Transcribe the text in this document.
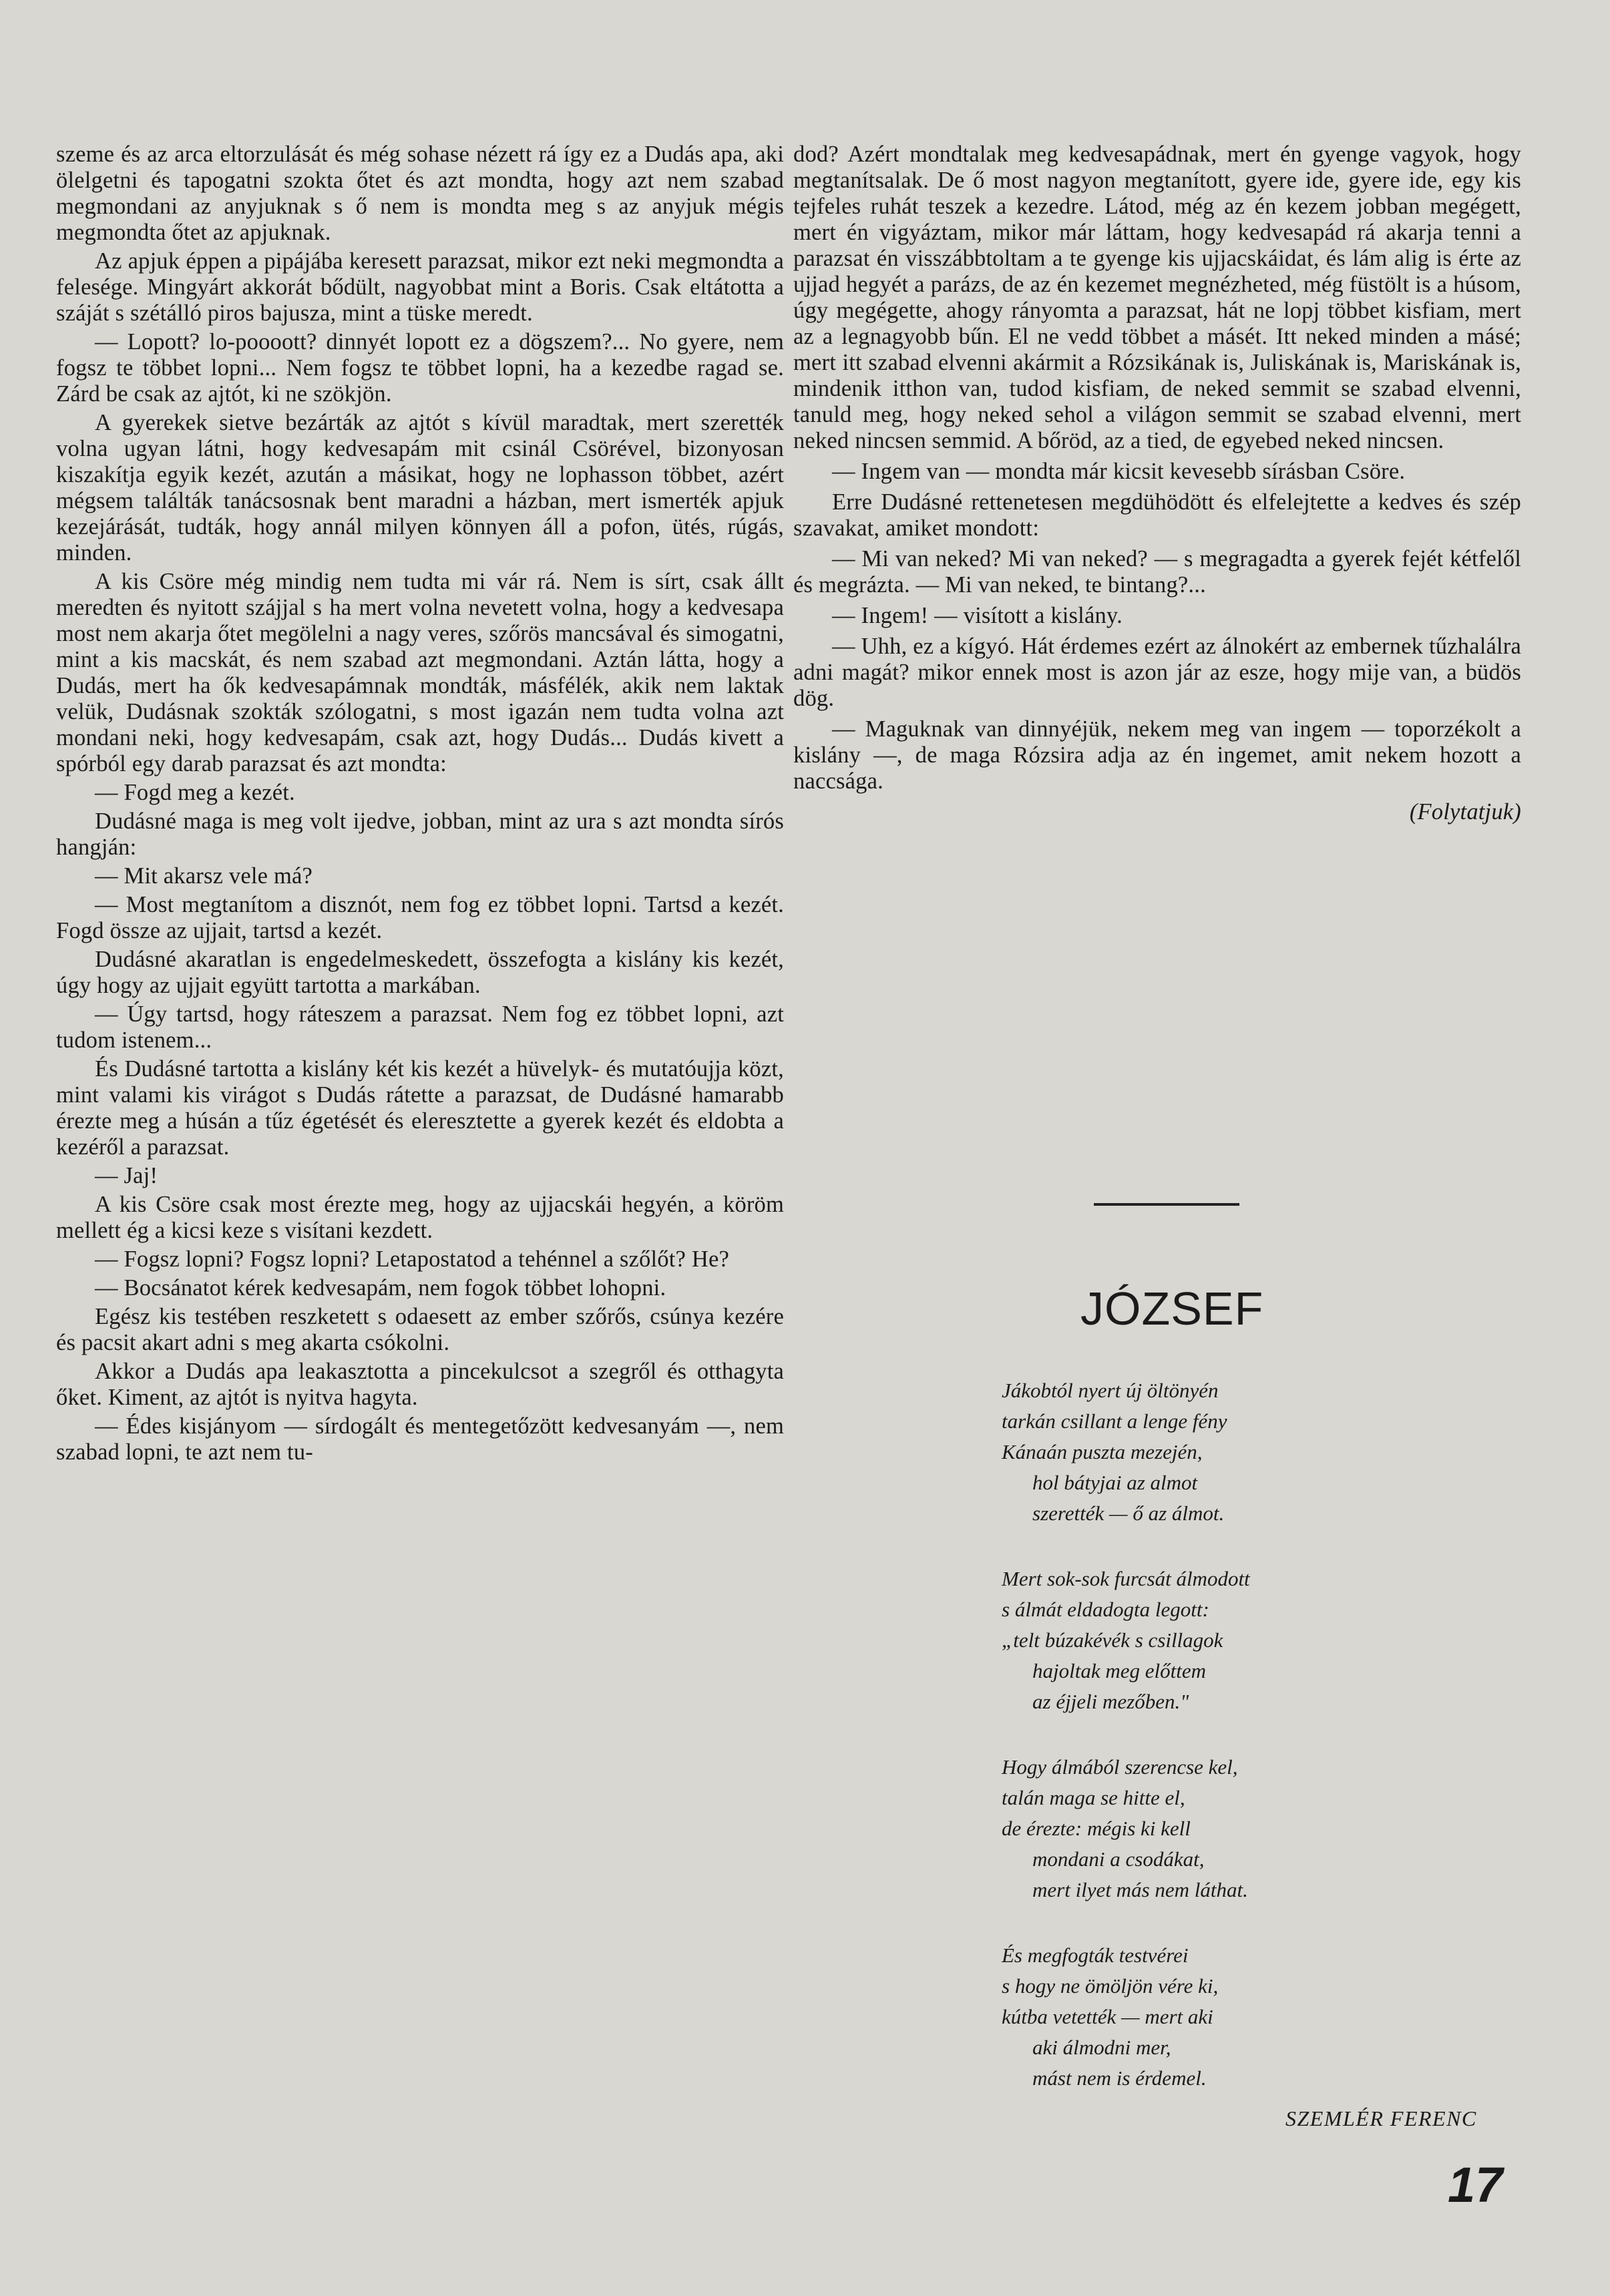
szeme és az arca eltorzulását és még sohase nézett rá így ez a Dudás apa, aki ölelgetni és tapogatni szokta őtet és azt mondta, hogy azt nem szabad megmondani az anyjuknak s ő nem is mondta meg s az anyjuk mégis megmondta őtet az apjuknak.

Az apjuk éppen a pipájába keresett parazsat, mikor ezt neki megmondta a felesége. Mingyárt akkorát bődült, nagyobbat mint a Boris. Csak eltátotta a száját s szétálló piros bajusza, mint a tüske meredt.

— Lopott? lo-poooott? dinnyét lopott ez a dögszem?... No gyere, nem fogsz te többet lopni... Nem fogsz te többet lopni, ha a kezedbe ragad se. Zárd be csak az ajtót, ki ne szökjön.

A gyerekek sietve bezárták az ajtót s kívül maradtak, mert szerették volna ugyan látni, hogy kedvesapám mit csinál Csörével, bizonyosan kiszakítja egyik kezét, azután a másikat, hogy ne lophasson többet, azért mégsem találták tanácsosnak bent maradni a házban, mert ismerték apjuk kezejárását, tudták, hogy annál milyen könnyen áll a pofon, ütés, rúgás, minden.

A kis Csöre még mindig nem tudta mi vár rá. Nem is sírt, csak állt meredten és nyitott szájjal s ha mert volna nevetett volna, hogy a kedvesapa most nem akarja őtet megölelni a nagy veres, szőrös mancsával és simogatni, mint a kis macskát, és nem szabad azt megmondani. Aztán látta, hogy a Dudás, mert ha ők kedvesapámnak mondták, másfélék, akik nem laktak velük, Dudásnak szokták szólogatni, s most igazán nem tudta volna azt mondani neki, hogy kedvesapám, csak azt, hogy Dudás... Dudás kivett a spórból egy darab parazsat és azt mondta:

— Fogd meg a kezét.

Dudásné maga is meg volt ijedve, jobban, mint az ura s azt mondta sírós hangján:

— Mit akarsz vele má?

— Most megtanítom a disznót, nem fog ez többet lopni. Tartsd a kezét. Fogd össze az ujjait, tartsd a kezét.

Dudásné akaratlan is engedelmeskedett, összefogta a kislány kis kezét, úgy hogy az ujjait együtt tartotta a markában.

— Úgy tartsd, hogy ráteszem a parazsat. Nem fog ez többet lopni, azt tudom istenem...

És Dudásné tartotta a kislány két kis kezét a hüvelyk- és mutatóujja közt, mint valami kis virágot s Dudás rátette a parazsat, de Dudásné hamarabb érezte meg a húsán a tűz égetését és eleresztette a gyerek kezét és eldobta a kezéről a parazsat.

— Jaj!

A kis Csöre csak most érezte meg, hogy az ujjacskái hegyén, a köröm mellett ég a kicsi keze s visítani kezdett.

— Fogsz lopni? Fogsz lopni? Letapostatod a tehénnel a szőlőt? He?

— Bocsánatot kérek kedvesapám, nem fogok többet lohopni.

Egész kis testében reszketett s odaesett az ember szőrős, csúnya kezére és pacsit akart adni s meg akarta csókolni.

Akkor a Dudás apa leakasztotta a pincekulcsot a szegről és otthagyta őket. Kiment, az ajtót is nyitva hagyta.

— Édes kisjányom — sírdogált és mentegetőzött kedvesanyám —, nem szabad lopni, te azt nem tu-

dod? Azért mondtalak meg kedvesapádnak, mert én gyenge vagyok, hogy megtanítsalak. De ő most nagyon megtanított, gyere ide, gyere ide, egy kis tejfeles ruhát teszek a kezedre. Látod, még az én kezem jobban megégett, mert én vigyáztam, mikor már láttam, hogy kedvesapád rá akarja tenni a parazsat én visszábbtoltam a te gyenge kis ujjacskáidat, és lám alig is érte az ujjad hegyét a parázs, de az én kezemet megnézheted, még füstölt is a húsom, úgy megégette, ahogy rányomta a parazsat, hát ne lopj többet kisfiam, mert az a legnagyobb bűn. El ne vedd többet a másét. Itt neked minden a másé; mert itt szabad elvenni akármit a Rózsikának is, Juliskának is, Mariskának is, mindenik itthon van, tudod kisfiam, de neked semmit se szabad elvenni, tanuld meg, hogy neked sehol a világon semmit se szabad elvenni, mert neked nincsen semmid. A bőröd, az a tied, de egyebed neked nincsen.

— Ingem van — mondta már kicsit kevesebb sírásban Csöre.

Erre Dudásné rettenetesen megdühödött és elfelejtette a kedves és szép szavakat, amiket mondott:

— Mi van neked? Mi van neked? — s megragadta a gyerek fejét kétfelől és megrázta. — Mi van neked, te bintang?...

— Ingem! — visított a kislány.

— Uhh, ez a kígyó. Hát érdemes ezért az álnokért az embernek tűzhalálra adni magát? mikor ennek most is azon jár az esze, hogy mije van, a büdös dög.

— Maguknak van dinnyéjük, nekem meg van ingem — toporzékolt a kislány —, de maga Rózsira adja az én ingemet, amit nekem hozott a naccsága.

(Folytatjuk)

JÓZSEF
Jákobtól nyert új öltönyén
tarkán csillant a lenge fény
Kánaán puszta mezején,
hol bátyjai az almot
szerették — ő az álmot.
Mert sok-sok furcsát álmodott
s álmát eldadogta legott:
„telt búzakévék s csillagok
hajoltak meg előttem
az éjjeli mezőben."
Hogy álmából szerencse kel,
talán maga se hitte el,
de érezte: mégis ki kell
mondani a csodákat,
mert ilyet más nem láthat.
És megfogták testvérei
s hogy ne ömöljön vére ki,
kútba vetették — mert aki
aki álmodni mer,
mást nem is érdemel.

SZEMLÉR FERENC

17
